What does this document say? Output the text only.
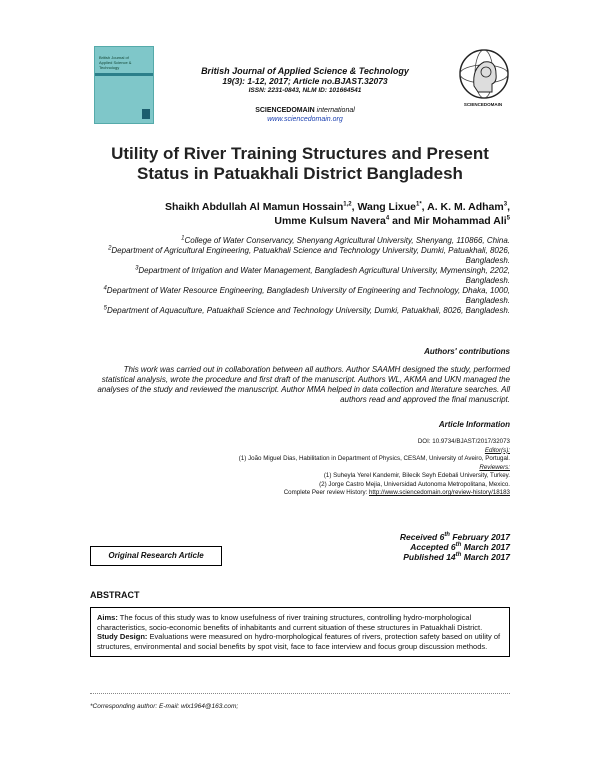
British Journal of
Applied Science &
Technology	British Journal of Applied Science & Technology
19(3): 1-12, 2017; Article no.BJAST.32073
ISSN: 2231-0843, NLM ID: 101664541
SCIENCEDOMAIN international
www.sciencedomain.org
SCIENCEDOMAIN
Utility of River Training Structures and Present
Status in Patuakhali District Bangladesh
Shaikh Abdullah Al Mamun Hossain$^{1,2}$, Wang Lixue$^{1*}$, A. K. M. Adham$^3$,
Umme Kulsum Navera$^4$ and Mir Mohammad Ali$^5$

$^1$College of Water Conservancy, Shenyang Agricultural University, Shenyang, 110866, China.

$^2$Department of Agricultural Engineering, Patuakhali Science and Technology University, Dumki, Patuakhali, 8026, Bangladesh.

$^3$Department of Irrigation and Water Management, Bangladesh Agricultural University, Mymensingh, 2202, Bangladesh.

$^4$Department of Water Resource Engineering, Bangladesh University of Engineering and Technology, Dhaka, 1000, Bangladesh.

$^5$Department of Aquaculture, Patuakhali Science and Technology University, Dumki, Patuakhali, 8026, Bangladesh.

Authors' contributions
This work was carried out in collaboration between all authors. Author SAAMH designed the study, performed statistical analysis, wrote the procedure and first draft of the manuscript. Authors WL, AKMA and UKN managed the analyses of the study and reviewed the manuscript. Author MMA helped in data collection and literature searches. All authors read and approved the final manuscript.
Article Information
DOI: 10.9734/BJAST/2017/32073
Editor(s):
(1) João Miguel Dias, Habilitation in Department of Physics, CESAM, University of Aveiro, Portugal.
Reviewers:
(1) Suheyla Yerel Kandemir, Bilecik Seyh Edebali University, Turkey.
(2) Jorge Castro Mejia, Universidad Autonoma Metropolitana, Mexico.
Complete Peer review History: http://www.sciencedomain.org/review-history/18183
Original Research Article
Received 6th February 2017
Accepted 6th March 2017
Published 14th March 2017
ABSTRACT

Aims: The focus of this study was to know usefulness of river training structures, controlling hydro-morphological characteristics, socio-economic benefits of inhabitants and current situation of these structures in Patuakhali District.

Study Design: Evaluations were measured on hydro-morphological features of rivers, protection safety based on utility of structures, environmental and social benefits by spot visit, face to face interview and focus group discussion methods.

*Corresponding author: E-mail: wlx1964@163.com;
